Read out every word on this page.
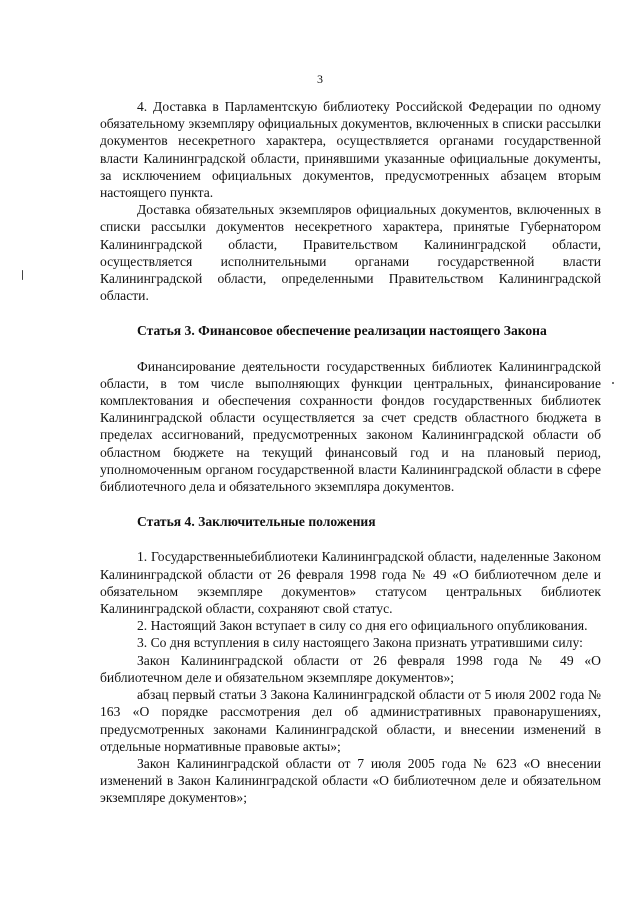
3

4. Доставка в Парламентскую библиотеку Российской Федерации по одному обязательному экземпляру официальных документов, включенных в списки рассылки документов несекретного характера, осуществляется органами государственной власти Калининградской области, принявшими указанные официальные документы, за исключением официальных документов, предусмотренных абзацем вторым настоящего пункта.

Доставка обязательных экземпляров официальных документов, включенных в списки рассылки документов несекретного характера, принятые Губернатором Калининградской области, Правительством Калининградской области, осуществляется исполнительными органами государственной власти Калининградской области, определенными Правительством Калининградской области.

Статья 3. Финансовое обеспечение реализации настоящего Закона

Финансирование деятельности государственных библиотек Калининградской области, в том числе выполняющих функции центральных, финансирование комплектования и обеспечения сохранности фондов государственных библиотек Калининградской области осуществляется за счет средств областного бюджета в пределах ассигнований, предусмотренных законом Калининградской области об областном бюджете на текущий финансовый год и на плановый период, уполномоченным органом государственной власти Калининградской области в сфере библиотечного дела и обязательного экземпляра документов.

Статья 4. Заключительные положения

1. Государственныебиблиотеки Калининградской области, наделенные Законом Калининградской области от 26 февраля 1998 года № 49 «О библиотечном деле и обязательном экземпляре документов» статусом центральных библиотек Калининградской области, сохраняют свой статус.

2. Настоящий Закон вступает в силу со дня его официального опубликования.

3. Со дня вступления в силу настоящего Закона признать утратившими силу:

Закон Калининградской области от 26 февраля 1998 года № 49 «О библиотечном деле и обязательном экземпляре документов»;

абзац первый статьи 3 Закона Калининградской области от 5 июля 2002 года № 163 «О порядке рассмотрения дел об административных правонарушениях, предусмотренных законами Калининградской области, и внесении изменений в отдельные нормативные правовые акты»;

Закон Калининградской области от 7 июля 2005 года № 623 «О внесении изменений в Закон Калининградской области «О библиотечном деле и обязательном экземпляре документов»;
